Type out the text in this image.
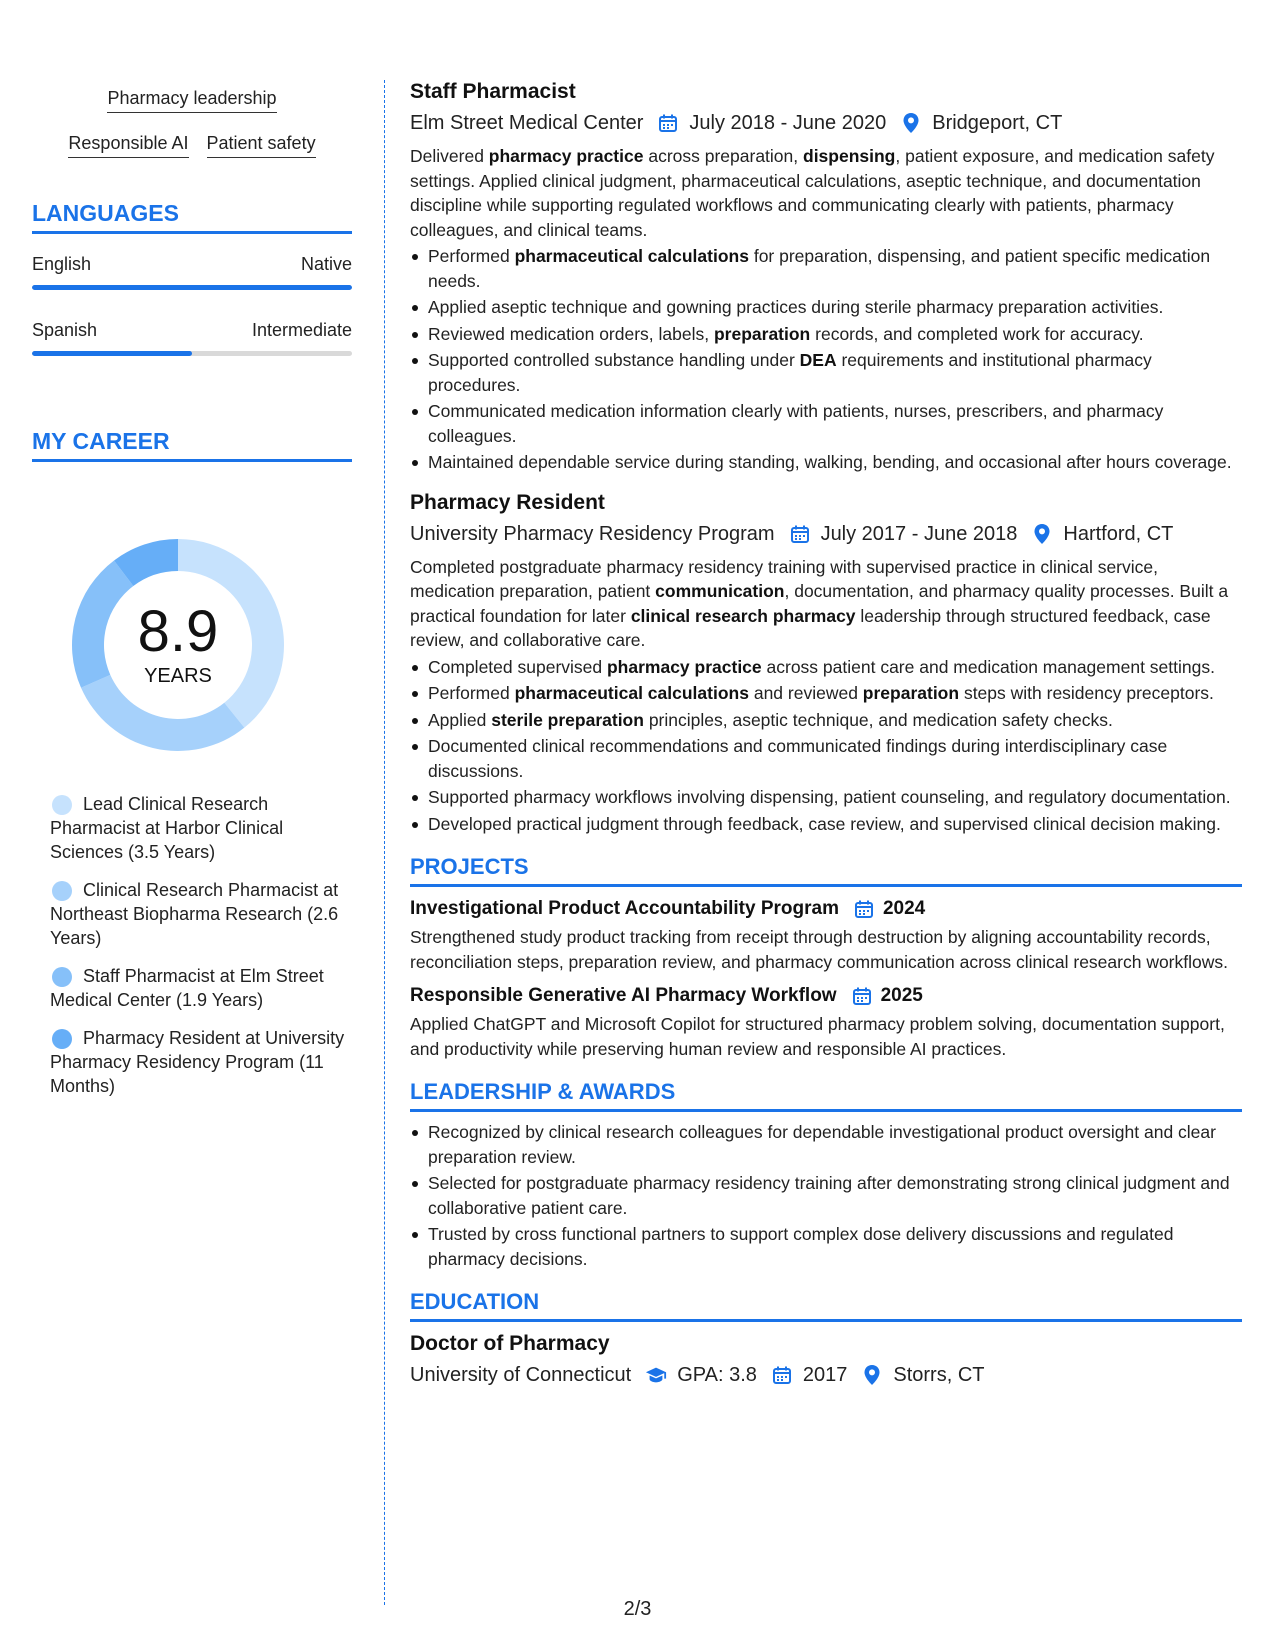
Pharmacy leadership
Responsible AI Patient safety
LANGUAGES
English	Native
Spanish	Intermediate
MY CAREER
8.9
YEARS
Lead Clinical Research Pharmacist at Harbor Clinical Sciences (3.5 Years)
Clinical Research Pharmacist at Northeast Biopharma Research (2.6 Years)
Staff Pharmacist at Elm Street Medical Center (1.9 Years)
Pharmacy Resident at University Pharmacy Residency Program (11 Months)
Staff Pharmacist
Elm Street Medical Center July 2018 - June 2020 Bridgeport, CT

Delivered pharmacy practice across preparation, dispensing, patient exposure, and medication safety settings. Applied clinical judgment, pharmaceutical calculations, aseptic technique, and documentation discipline while supporting regulated workflows and communicating clearly with patients, pharmacy colleagues, and clinical teams.

Performed pharmaceutical calculations for preparation, dispensing, and patient specific medication needs.
Applied aseptic technique and gowning practices during sterile pharmacy preparation activities.
Reviewed medication orders, labels, preparation records, and completed work for accuracy.
Supported controlled substance handling under DEA requirements and institutional pharmacy procedures.
Communicated medication information clearly with patients, nurses, prescribers, and pharmacy colleagues.
Maintained dependable service during standing, walking, bending, and occasional after hours coverage.
Pharmacy Resident
University Pharmacy Residency Program July 2017 - June 2018 Hartford, CT

Completed postgraduate pharmacy residency training with supervised practice in clinical service, medication preparation, patient communication, documentation, and pharmacy quality processes. Built a practical foundation for later clinical research pharmacy leadership through structured feedback, case review, and collaborative care.

Completed supervised pharmacy practice across patient care and medication management settings.
Performed pharmaceutical calculations and reviewed preparation steps with residency preceptors.
Applied sterile preparation principles, aseptic technique, and medication safety checks.
Documented clinical recommendations and communicated findings during interdisciplinary case discussions.
Supported pharmacy workflows involving dispensing, patient counseling, and regulatory documentation.
Developed practical judgment through feedback, case review, and supervised clinical decision making.
PROJECTS
Investigational Product Accountability Program 2024

Strengthened study product tracking from receipt through destruction by aligning accountability records, reconciliation steps, preparation review, and pharmacy communication across clinical research workflows.

Responsible Generative AI Pharmacy Workflow 2025

Applied ChatGPT and Microsoft Copilot for structured pharmacy problem solving, documentation support, and productivity while preserving human review and responsible AI practices.

LEADERSHIP & AWARDS
Recognized by clinical research colleagues for dependable investigational product oversight and clear preparation review.
Selected for postgraduate pharmacy residency training after demonstrating strong clinical judgment and collaborative patient care.
Trusted by cross functional partners to support complex dose delivery discussions and regulated pharmacy decisions.
EDUCATION
Doctor of Pharmacy
University of Connecticut GPA: 3.8 2017 Storrs, CT
2/3
